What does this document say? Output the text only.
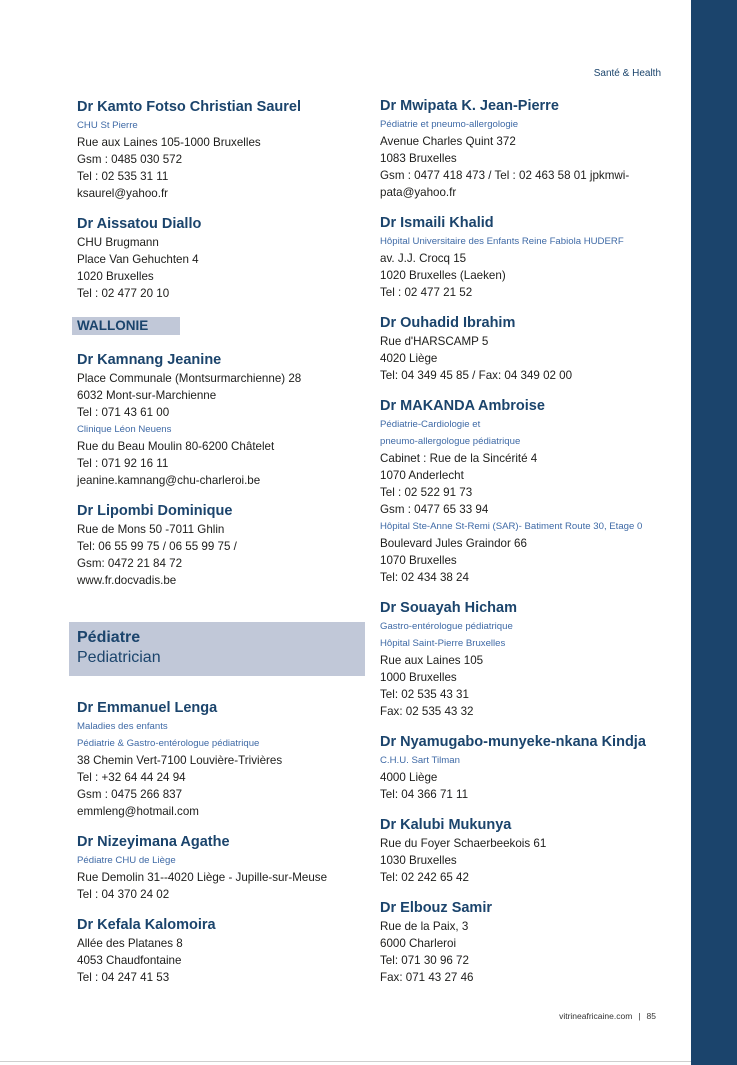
Santé & Health
Dr Kamto Fotso Christian Saurel
CHU St Pierre
Rue aux Laines 105-1000 Bruxelles
Gsm : 0485 030 572
Tel : 02 535 31 11
ksaurel@yahoo.fr
Dr Aissatou Diallo
CHU Brugmann
Place Van Gehuchten 4
1020 Bruxelles
Tel : 02 477 20 10
WALLONIE
Dr Kamnang Jeanine
Place Communale (Montsurmarchienne) 28
6032 Mont-sur-Marchienne
Tel : 071 43 61 00
Clinique Léon Neuens
Rue du Beau Moulin 80-6200 Châtelet
Tel : 071 92 16 11
jeanine.kamnang@chu-charleroi.be
Dr Lipombi Dominique
Rue de Mons 50 -7011 Ghlin
Tel: 06 55 99 75 / 06 55 99 75 /
Gsm: 0472 21 84 72
www.fr.docvadis.be
Pédiatre
Pediatrician
Dr Emmanuel Lenga
Maladies des enfants
Pédiatrie & Gastro-entérologue pédiatrique
38 Chemin Vert-7100 Louvière-Trivières
Tel : +32 64 44 24 94
Gsm : 0475 266 837
emmleng@hotmail.com
Dr Nizeyimana Agathe
Pédiatre CHU de Liège
Rue Demolin 31--4020 Liège - Jupille-sur-Meuse
Tel : 04 370 24 02
Dr Kefala Kalomoira
Allée des Platanes 8
4053 Chaudfontaine
Tel : 04 247 41 53
Dr Mwipata K. Jean-Pierre
Pédiatrie et pneumo-allergologie
Avenue Charles Quint 372
1083 Bruxelles
Gsm : 0477 418 473 / Tel : 02 463 58 01 jpkmwi-
pata@yahoo.fr
Dr Ismaili Khalid
Hôpital Universitaire des Enfants Reine Fabiola HUDERF
av. J.J. Crocq 15
1020 Bruxelles (Laeken)
Tel : 02 477 21 52
Dr Ouhadid Ibrahim
Rue d'HARSCAMP 5
4020 Liège
Tel: 04 349 45 85 / Fax: 04 349 02 00
Dr MAKANDA Ambroise
Pédiatrie-Cardiologie et
pneumo-allergologue pédiatrique
Cabinet : Rue de la Sincérité 4
1070 Anderlecht
Tel : 02 522 91 73
Gsm : 0477 65 33 94
Hôpital Ste-Anne St-Remi (SAR)- Batiment Route 30, Etage 0
Boulevard Jules Graindor 66
1070 Bruxelles
Tel: 02 434 38 24
Dr Souayah Hicham
Gastro-entérologue pédiatrique
Hôpital Saint-Pierre Bruxelles
Rue aux Laines 105
1000 Bruxelles
Tel: 02 535 43 31
Fax: 02 535 43 32
Dr Nyamugabo-munyeke-nkana Kindja
C.H.U. Sart Tilman
4000 Liège
Tel: 04 366 71 11
Dr Kalubi Mukunya
Rue du Foyer Schaerbeekois 61
1030 Bruxelles
Tel: 02 242 65 42
Dr Elbouz Samir
Rue de la Paix, 3
6000 Charleroi
Tel: 071 30 96 72
Fax: 071 43 27 46
vitrineafricaine.com | 85
